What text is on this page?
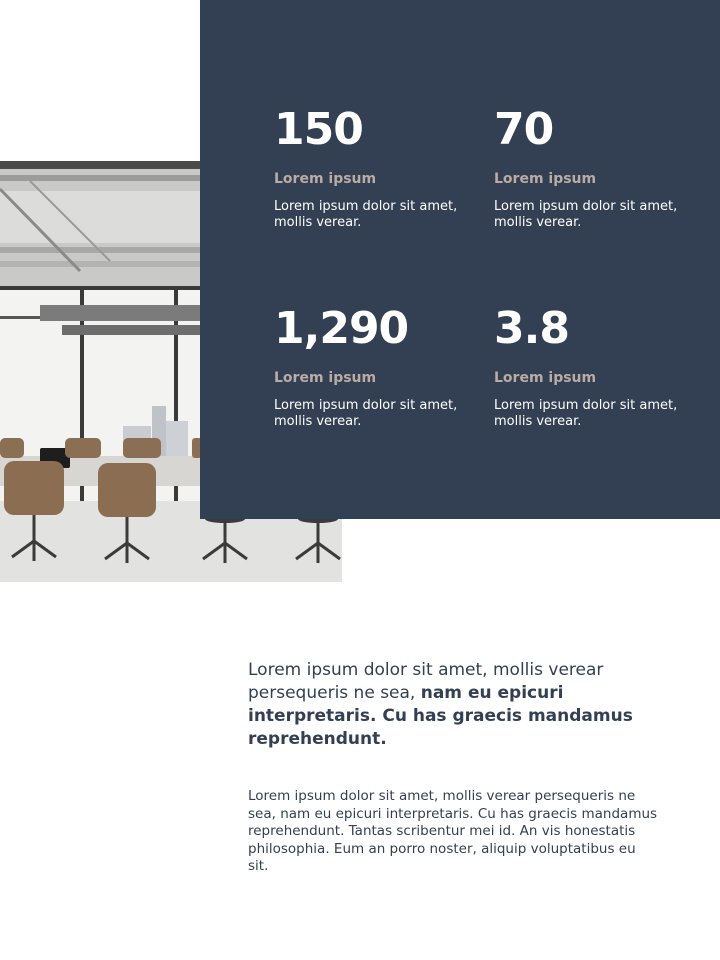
150
Lorem ipsum
Lorem ipsum dolor sit amet, mollis verear.
70
Lorem ipsum
Lorem ipsum dolor sit amet, mollis verear.
1,290
Lorem ipsum
Lorem ipsum dolor sit amet, mollis verear.
3.8
Lorem ipsum
Lorem ipsum dolor sit amet, mollis verear.
Lorem ipsum dolor sit amet, mollis verear persequeris ne sea, nam eu epicuri interpretaris. Cu has graecis mandamus reprehendunt.
Lorem ipsum dolor sit amet, mollis verear persequeris ne sea, nam eu epicuri interpretaris. Cu has graecis mandamus reprehendunt. Tantas scribentur mei id. An vis honestatis philosophia. Eum an porro noster, aliquip voluptatibus eu sit.
